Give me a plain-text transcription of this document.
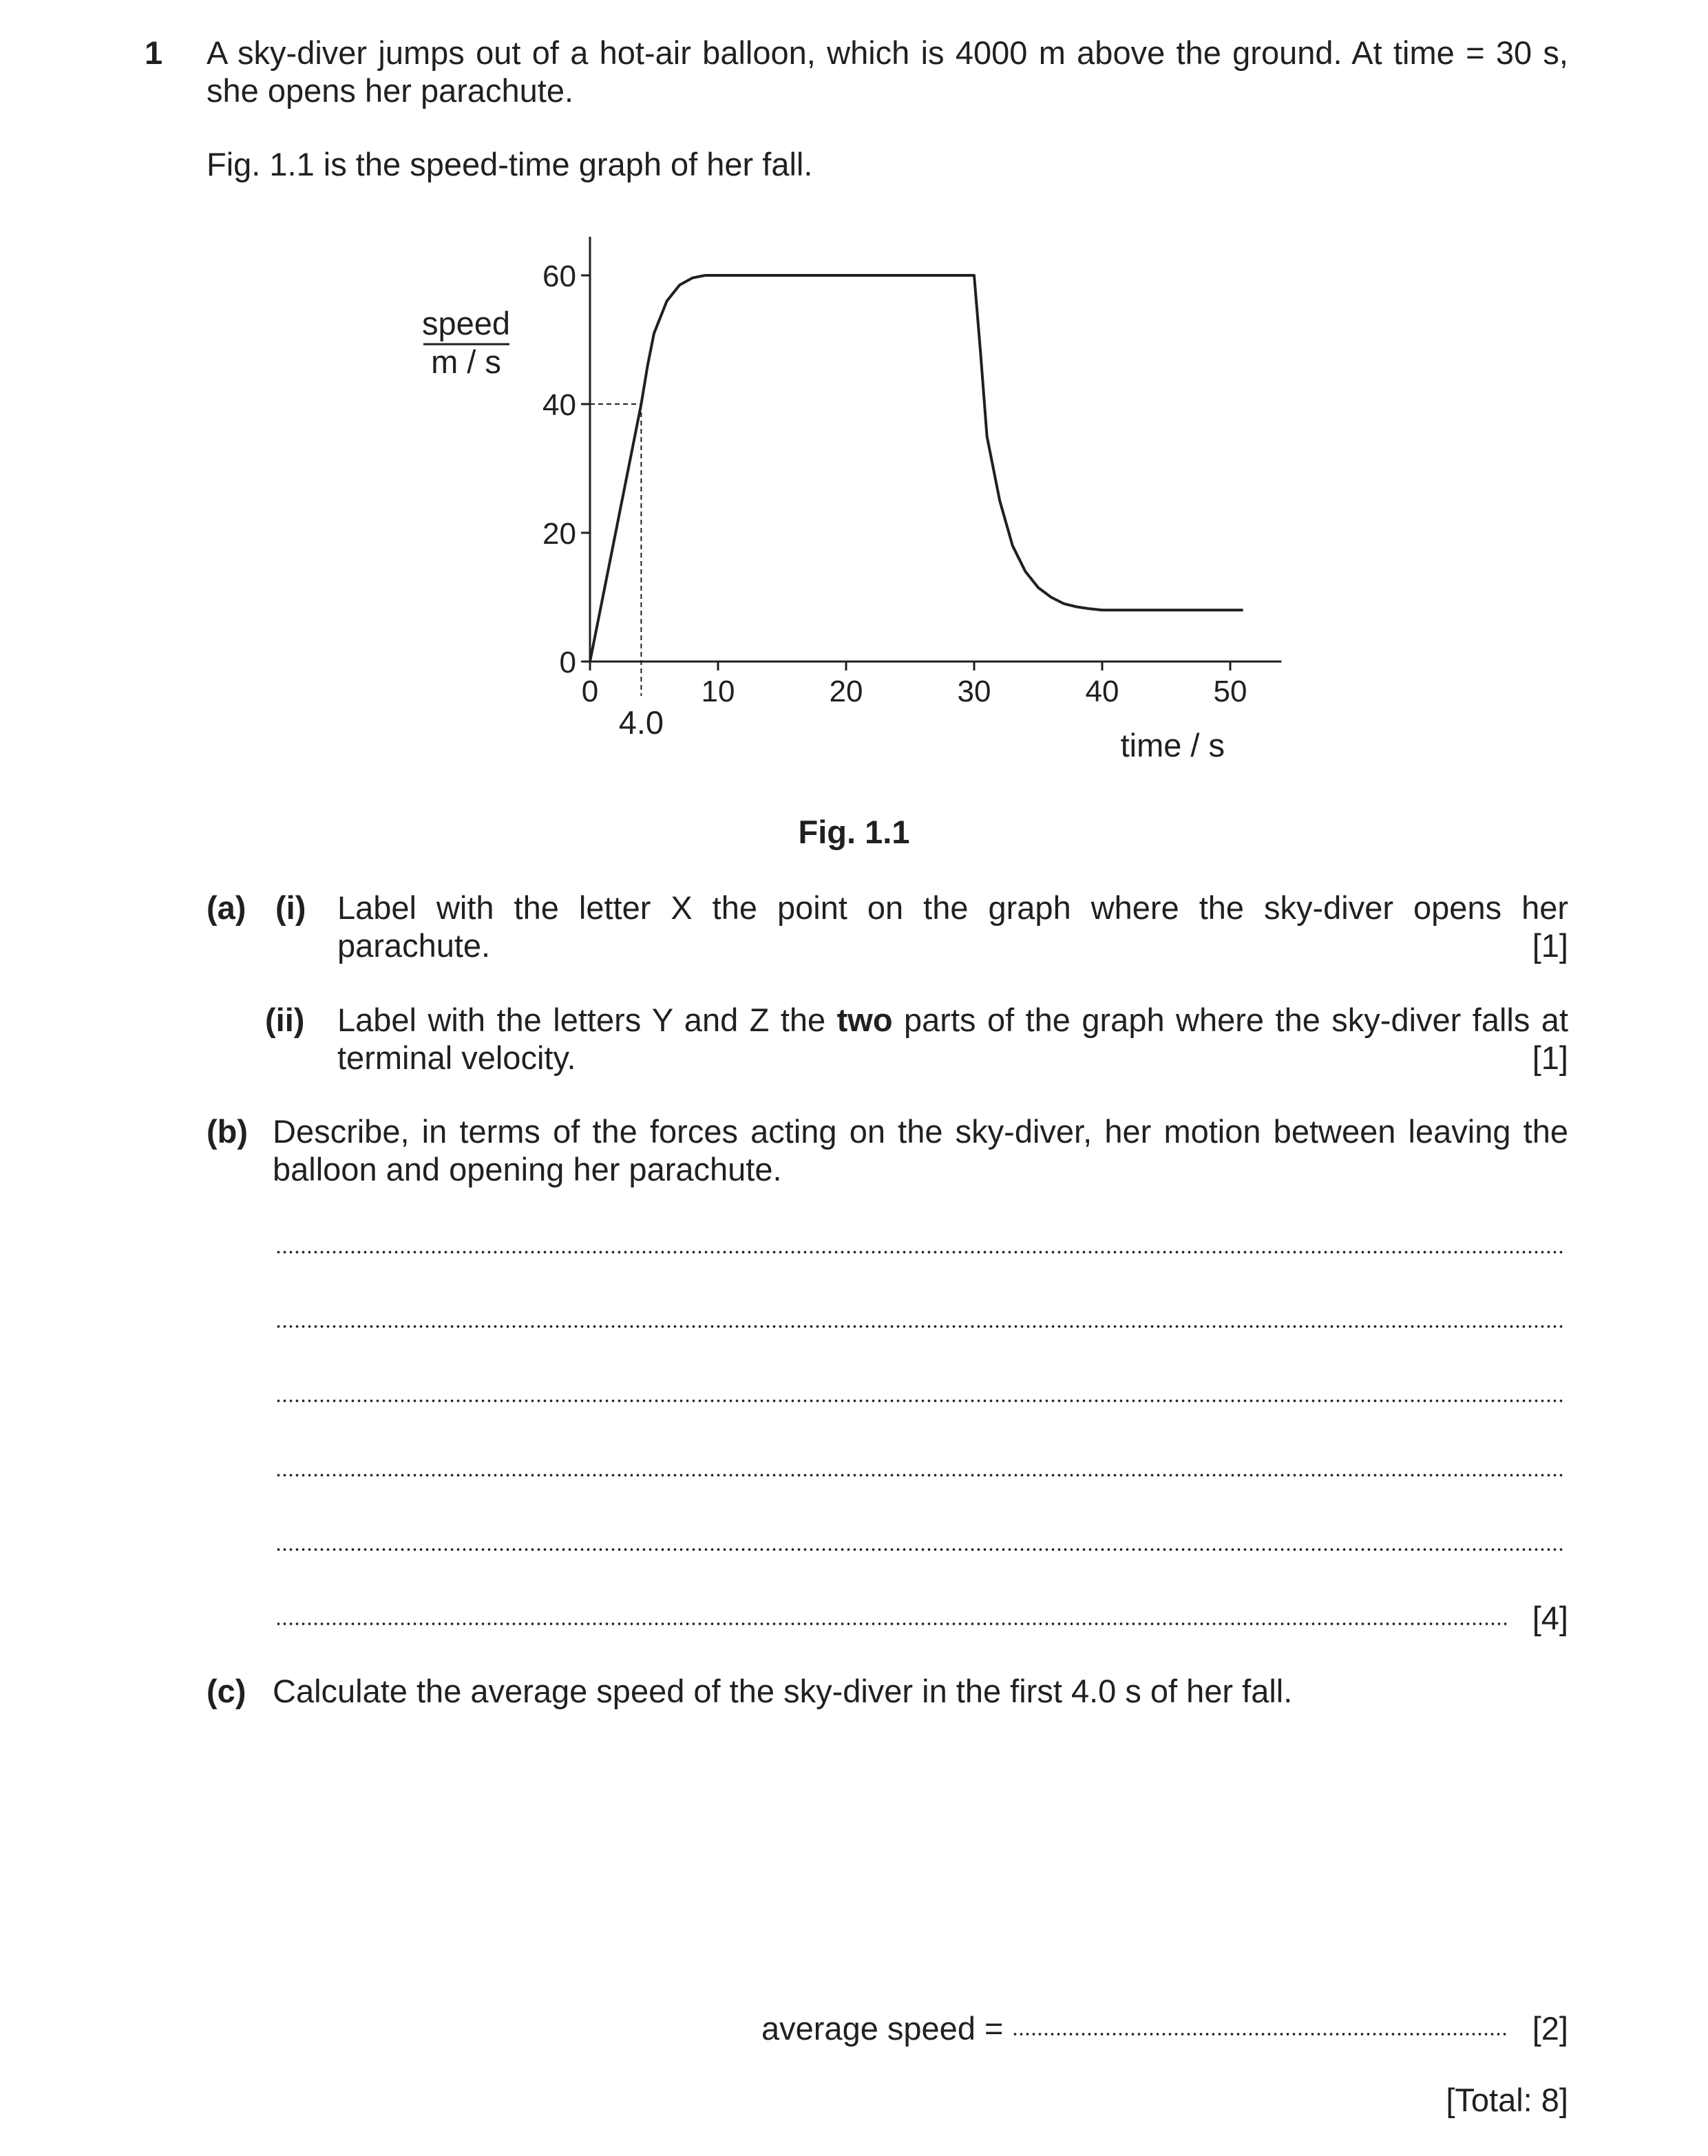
1 A sky-diver jumps out of a hot-air balloon, which is 4000 m above the ground. At time = 30 s, she opens her parachute.
Fig. 1.1 is the speed-time graph of her fall.
0
20
40
60
0	10	20	30	40	50
speed
m / s
time / s
4.0
Fig. 1.1
(a) (i) Label with the letter X the point on the graph where the sky-diver opens her parachute.	[1]
(ii) Label with the letters Y and Z the two parts of the graph where the sky-diver falls at terminal velocity.	[1]
(b) Describe, in terms of the forces acting on the sky-diver, her motion between leaving the balloon and opening her parachute.
[4]
(c) Calculate the average speed of the sky-diver in the first 4.0 s of her fall.
average speed =	[2]
[Total: 8]
